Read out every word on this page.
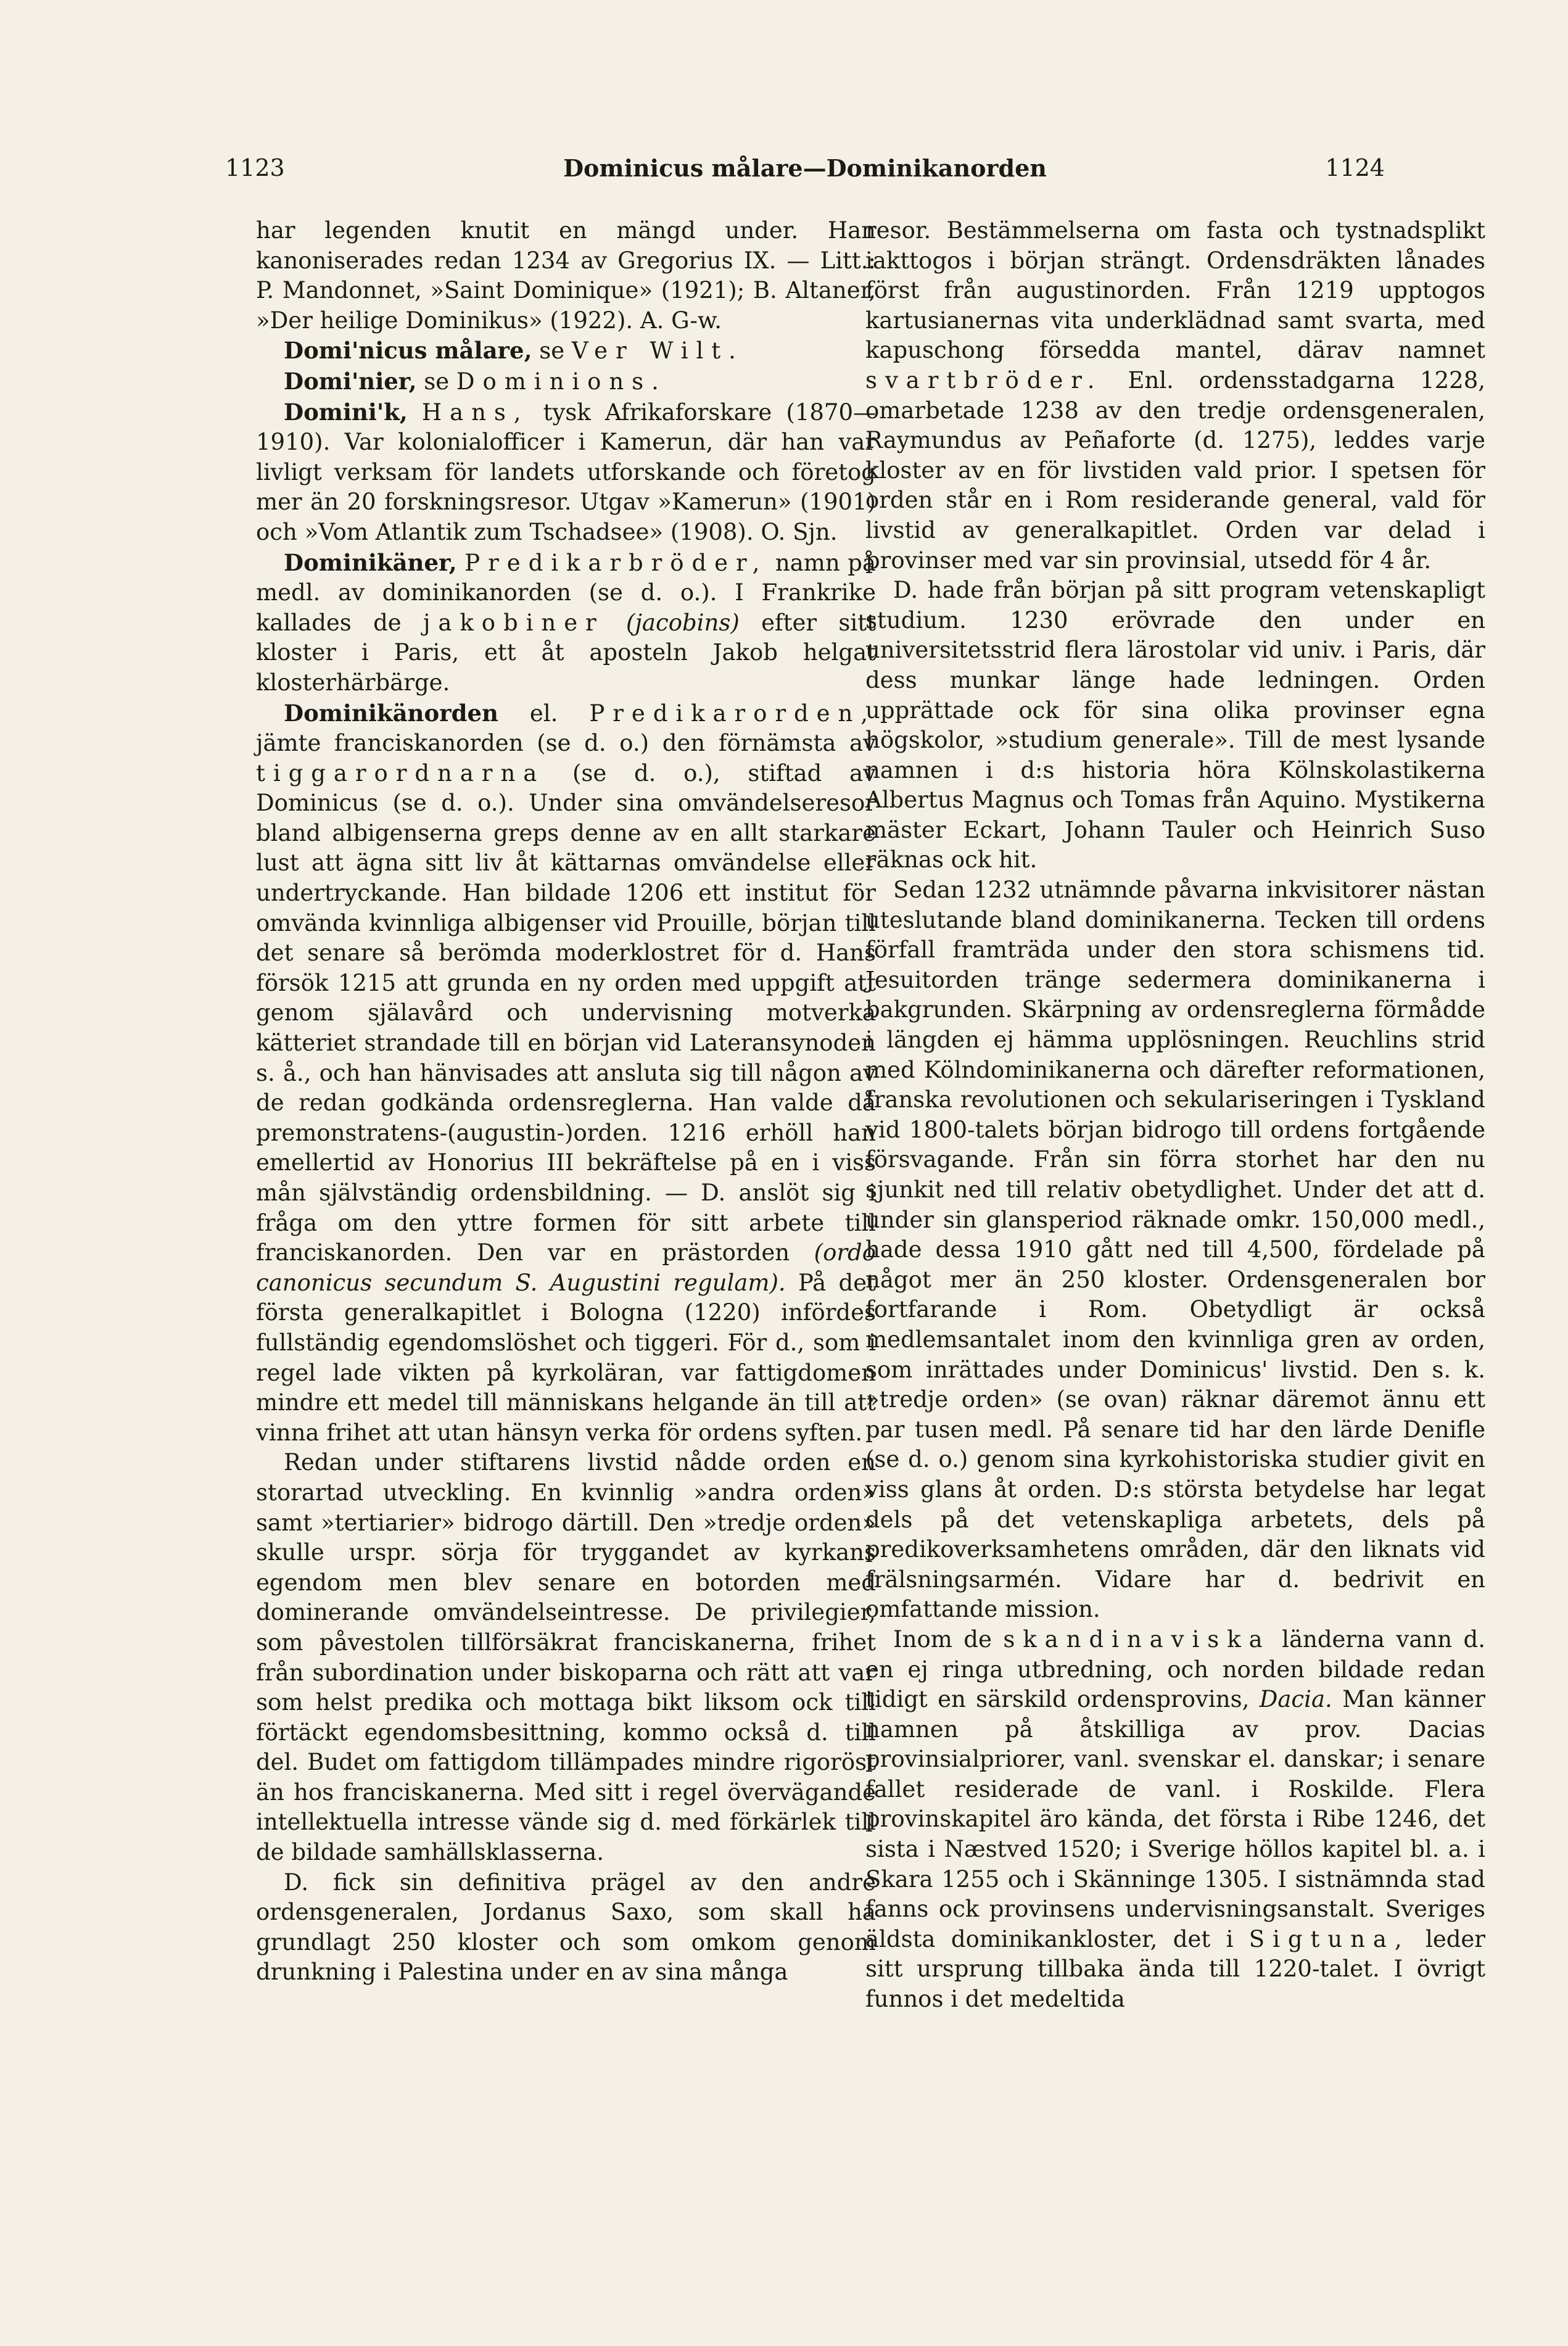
1123	Dominicus målare—Dominikanorden	1124

har legenden knutit en mängd under. Han kanoniserades redan 1234 av Gregorius IX. — Litt.: P. Mandonnet, »Saint Dominique» (1921); B. Altaner, »Der heilige Dominikus» (1922). A. G-w.

Domi'nicus målare, se Ver Wilt.

Domi'nier, se Dominions.

Domini'k, Hans, tysk Afrikaforskare (1870—1910). Var kolonialofficer i Kamerun, där han var livligt verksam för landets utforskande och företog mer än 20 forskningsresor. Utgav »Kamerun» (1901) och »Vom Atlantik zum Tschadsee» (1908). O. Sjn.

Dominikäner, Predikarbröder, namn på medl. av dominikanorden (se d. o.). I Frankrike kallades de jakobiner (jacobins) efter sitt kloster i Paris, ett åt aposteln Jakob helgat klosterhärbärge.

Dominikänorden el. Predikarorden, jämte franciskanorden (se d. o.) den förnämsta av tiggarordnarna (se d. o.), stiftad av Dominicus (se d. o.). Under sina omvändelseresor bland albigenserna greps denne av en allt starkare lust att ägna sitt liv åt kättarnas omvändelse eller undertryckande. Han bildade 1206 ett institut för omvända kvinnliga albigenser vid Prouille, början till det senare så berömda moderklostret för d. Hans försök 1215 att grunda en ny orden med uppgift att genom själavård och undervisning motverka kätteriet strandade till en början vid Lateransynoden s. å., och han hänvisades att ansluta sig till någon av de redan godkända ordensreglerna. Han valde då premonstratens-(augustin-)orden. 1216 erhöll han emellertid av Honorius III bekräftelse på en i viss mån självständig ordensbildning. — D. anslöt sig i fråga om den yttre formen för sitt arbete till franciskanorden. Den var en prästorden (ordo canonicus secundum S. Augustini regulam). På det första generalkapitlet i Bologna (1220) infördes fullständig egendomslöshet och tiggeri. För d., som i regel lade vikten på kyrkoläran, var fattigdomen mindre ett medel till människans helgande än till att vinna frihet att utan hänsyn verka för ordens syften.

Redan under stiftarens livstid nådde orden en storartad utveckling. En kvinnlig »andra orden» samt »tertiarier» bidrogo därtill. Den »tredje orden» skulle urspr. sörja för tryggandet av kyrkans egendom men blev senare en botorden med dominerande omvändelseintresse. De privilegier, som påvestolen tillförsäkrat franciskanerna, frihet från subordination under biskoparna och rätt att var som helst predika och mottaga bikt liksom ock till förtäckt egendomsbesittning, kommo också d. till del. Budet om fattigdom tillämpades mindre rigoröst än hos franciskanerna. Med sitt i regel övervägande intellektuella intresse vände sig d. med förkärlek till de bildade samhällsklasserna.

D. fick sin definitiva prägel av den andre ordensgeneralen, Jordanus Saxo, som skall ha grundlagt 250 kloster och som omkom genom drunkning i Palestina under en av sina många

resor. Bestämmelserna om fasta och tystnadsplikt iakttogos i början strängt. Ordensdräkten lånades först från augustinorden. Från 1219 upptogos kartusianernas vita underklädnad samt svarta, med kapuschong försedda mantel, därav namnet svartbröder. Enl. ordensstadgarna 1228, omarbetade 1238 av den tredje ordensgeneralen, Raymundus av Peñaforte (d. 1275), leddes varje kloster av en för livstiden vald prior. I spetsen för orden står en i Rom residerande general, vald för livstid av generalkapitlet. Orden var delad i provinser med var sin provinsial, utsedd för 4 år.

D. hade från början på sitt program vetenskapligt studium. 1230 erövrade den under en universitetsstrid flera lärostolar vid univ. i Paris, där dess munkar länge hade ledningen. Orden upprättade ock för sina olika provinser egna högskolor, »studium generale». Till de mest lysande namnen i d:s historia höra Kölnskolastikerna Albertus Magnus och Tomas från Aquino. Mystikerna mäster Eckart, Johann Tauler och Heinrich Suso räknas ock hit.

Sedan 1232 utnämnde påvarna inkvisitorer nästan uteslutande bland dominikanerna. Tecken till ordens förfall framträda under den stora schismens tid. Jesuitorden tränge sedermera dominikanerna i bakgrunden. Skärpning av ordensreglerna förmådde i längden ej hämma upplösningen. Reuchlins strid med Kölndominikanerna och därefter reformationen, franska revolutionen och sekulariseringen i Tyskland vid 1800-talets början bidrogo till ordens fortgående försvagande. Från sin förra storhet har den nu sjunkit ned till relativ obetydlighet. Under det att d. under sin glansperiod räknade omkr. 150,000 medl., hade dessa 1910 gått ned till 4,500, fördelade på något mer än 250 kloster. Ordensgeneralen bor fortfarande i Rom. Obetydligt är också medlemsantalet inom den kvinnliga gren av orden, som inrättades under Dominicus' livstid. Den s. k. »tredje orden» (se ovan) räknar däremot ännu ett par tusen medl. På senare tid har den lärde Denifle (se d. o.) genom sina kyrkohistoriska studier givit en viss glans åt orden. D:s största betydelse har legat dels på det vetenskapliga arbetets, dels på predikoverksamhetens områden, där den liknats vid frälsningsarmén. Vidare har d. bedrivit en omfattande mission.

Inom de skandinaviska länderna vann d. en ej ringa utbredning, och norden bildade redan tidigt en särskild ordensprovins, Dacia. Man känner namnen på åtskilliga av prov. Dacias provinsialpriorer, vanl. svenskar el. danskar; i senare fallet residerade de vanl. i Roskilde. Flera provinskapitel äro kända, det första i Ribe 1246, det sista i Næstved 1520; i Sverige höllos kapitel bl. a. i Skara 1255 och i Skänninge 1305. I sistnämnda stad fanns ock provinsens undervisningsanstalt. Sveriges äldsta dominikankloster, det i Sigtuna, leder sitt ursprung tillbaka ända till 1220-talet. I övrigt funnos i det medeltida
